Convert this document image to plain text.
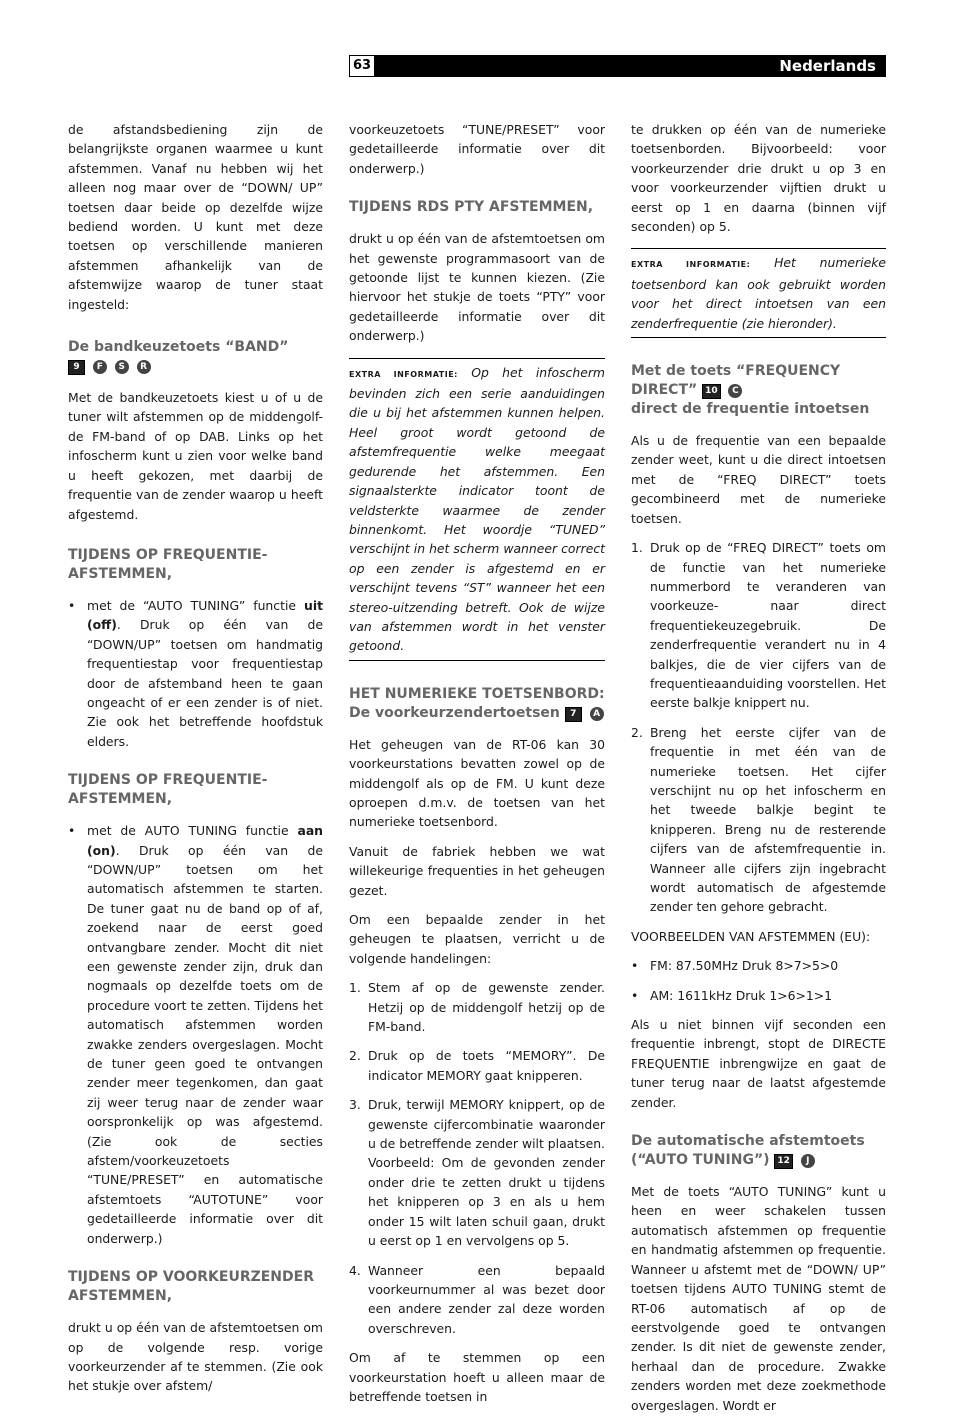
63	Nederlands

de afstandsbediening zijn de belangrijkste organen waarmee u kunt afstemmen. Vanaf nu hebben wij het alleen nog maar over de “DOWN/ UP” toetsen daar beide op dezelfde wijze bediend worden. U kunt met deze toetsen op verschillende manieren afstemmen afhankelijk van de afstemwijze waarop de tuner staat ingesteld:

De bandkeuzetoets “BAND”
9 F S R

Met de bandkeuzetoets kiest u of u de tuner wilt afstemmen op de middengolf- de FM-band of op DAB. Links op het infoscherm kunt u zien voor welke band u heeft gekozen, met daarbij de frequentie van de zender waarop u heeft afgestemd.

TIJDENS OP FREQUENTIE-AFSTEMMEN,
• met de “AUTO TUNING” functie uit (off). Druk op één van de “DOWN/UP” toetsen om handmatig frequentiestap voor frequentiestap door de afstemband heen te gaan ongeacht of er een zender is of niet. Zie ook het betreffende hoofdstuk elders.
TIJDENS OP FREQUENTIE-AFSTEMMEN,
• met de AUTO TUNING functie aan (on). Druk op één van de “DOWN/UP” toetsen om het automatisch afstemmen te starten. De tuner gaat nu de band op of af, zoekend naar de eerst goed ontvangbare zender. Mocht dit niet een gewenste zender zijn, druk dan nogmaals op dezelfde toets om de procedure voort te zetten. Tijdens het automatisch afstemmen worden zwakke zenders overgeslagen. Mocht de tuner geen goed te ontvangen zender meer tegenkomen, dan gaat zij weer terug naar de zender waar oorspronkelijk op was afgestemd. (Zie ook de secties afstem/voorkeuzetoets “TUNE/PRESET” en automatische afstemtoets “AUTOTUNE” voor gedetailleerde informatie over dit onderwerp.)
TIJDENS OP VOORKEURZENDER AFSTEMMEN,

drukt u op één van de afstemtoetsen om op de volgende resp. vorige voorkeurzender af te stemmen. (Zie ook het stukje over afstem/

voorkeuzetoets “TUNE/PRESET” voor gedetailleerde informatie over dit onderwerp.)

TIJDENS RDS PTY AFSTEMMEN,

drukt u op één van de afstemtoetsen om het gewenste programmasoort van de getoonde lijst te kunnen kiezen. (Zie hiervoor het stukje de toets “PTY” voor gedetailleerde informatie over dit onderwerp.)

EXTRA INFORMATIE: Op het infoscherm bevinden zich een serie aanduidingen die u bij het afstemmen kunnen helpen. Heel groot wordt getoond de afstemfrequentie welke meegaat gedurende het afstemmen. Een signaalsterkte indicator toont de veldsterkte waarmee de zender binnenkomt. Het woordje “TUNED” verschijnt in het scherm wanneer correct op een zender is afgestemd en er verschijnt tevens “ST” wanneer het een stereo-uitzending betreft. Ook de wijze van afstemmen wordt in het venster getoond.

HET NUMERIEKE TOETSENBORD: De voorkeurzendertoetsen 7 A

Het geheugen van de RT-06 kan 30 voorkeurstations bevatten zowel op de middengolf als op de FM. U kunt deze oproepen d.m.v. de toetsen van het numerieke toetsenbord.

Vanuit de fabriek hebben we wat willekeurige frequenties in het geheugen gezet.

Om een bepaalde zender in het geheugen te plaatsen, verricht u de volgende handelingen:

1. Stem af op de gewenste zender. Hetzij op de middengolf hetzij op de FM-band.
2. Druk op de toets “MEMORY”. De indicator MEMORY gaat knipperen.
3. Druk, terwijl MEMORY knippert, op de gewenste cijfercombinatie waaronder u de betreffende zender wilt plaatsen. Voorbeeld: Om de gevonden zender onder drie te zetten drukt u tijdens het knipperen op 3 en als u hem onder 15 wilt laten schuil gaan, drukt u eerst op 1 en vervolgens op 5.
4. Wanneer een bepaald voorkeurnummer al was bezet door een andere zender zal deze worden overschreven.

Om af te stemmen op een voorkeurstation hoeft u alleen maar de betreffende toetsen in

te drukken op één van de numerieke toetsenborden. Bijvoorbeeld: voor voorkeurzender drie drukt u op 3 en voor voorkeurzender vijftien drukt u eerst op 1 en daarna (binnen vijf seconden) op 5.

EXTRA INFORMATIE: Het numerieke toetsenbord kan ook gebruikt worden voor het direct intoetsen van een zenderfrequentie (zie hieronder).

Met de toets “FREQUENCY DIRECT” 10 C
direct de frequentie intoetsen

Als u de frequentie van een bepaalde zender weet, kunt u die direct intoetsen met de “FREQ DIRECT” toets gecombineerd met de numerieke toetsen.

1. Druk op de “FREQ DIRECT” toets om de functie van het numerieke nummerbord te veranderen van voorkeuze- naar direct frequentiekeuzegebruik. De zenderfrequentie verandert nu in 4 balkjes, die de vier cijfers van de frequentieaanduiding voorstellen. Het eerste balkje knippert nu.
2. Breng het eerste cijfer van de frequentie in met één van de numerieke toetsen. Het cijfer verschijnt nu op het infoscherm en het tweede balkje begint te knipperen. Breng nu de resterende cijfers van de afstemfrequentie in. Wanneer alle cijfers zijn ingebracht wordt automatisch de afgestemde zender ten gehore gebracht.

VOORBEELDEN VAN AFSTEMMEN (EU):

• FM: 87.50MHz Druk 8>7>5>0
• AM: 1611kHz Druk 1>6>1>1

Als u niet binnen vijf seconden een frequentie inbrengt, stopt de DIRECTE FREQUENTIE inbrengwijze en gaat de tuner terug naar de laatst afgestemde zender.

De automatische afstemtoets (“AUTO TUNING”) 12 J

Met de toets “AUTO TUNING” kunt u heen en weer schakelen tussen automatisch afstemmen op frequentie en handmatig afstemmen op frequentie. Wanneer u afstemt met de “DOWN/ UP” toetsen tijdens AUTO TUNING stemt de RT-06 automatisch af op de eerstvolgende goed te ontvangen zender. Is dit niet de gewenste zender, herhaal dan de procedure. Zwakke zenders worden met deze zoekmethode overgeslagen. Wordt er
